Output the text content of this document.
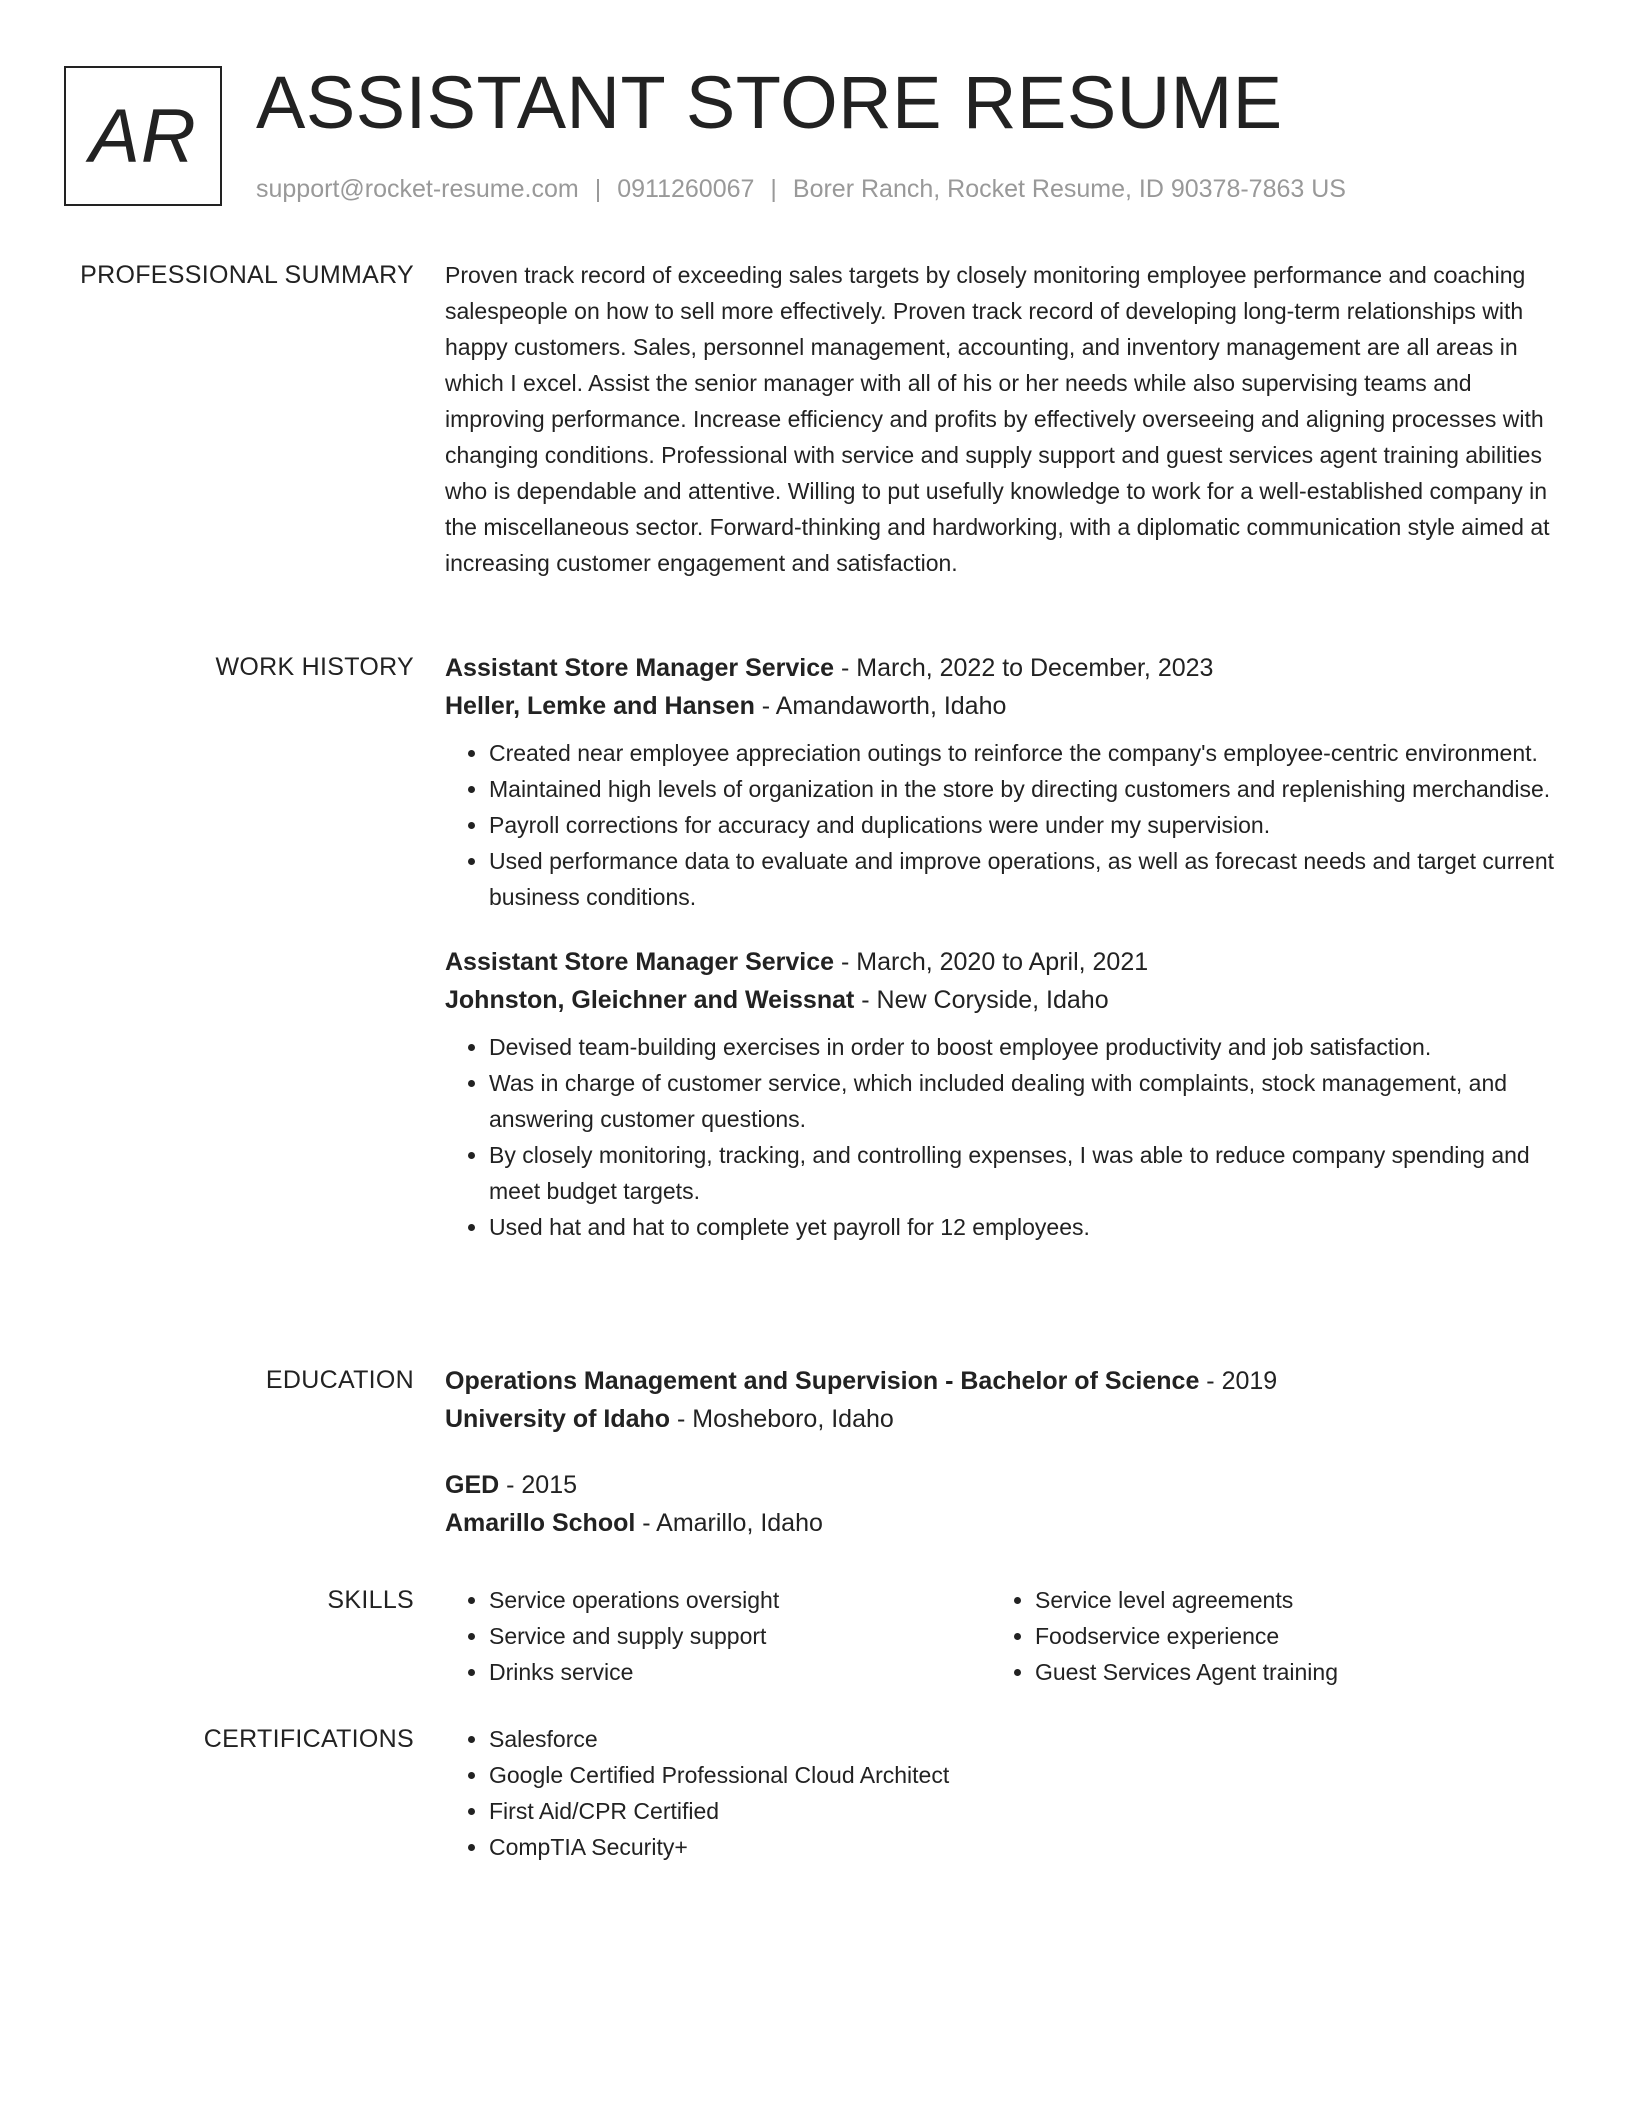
AR ASSISTANT STORE RESUME
support@rocket-resume.com | 0911260067 | Borer Ranch, Rocket Resume, ID 90378-7863 US
PROFESSIONAL SUMMARY Proven track record of exceeding sales targets by closely monitoring employee performance and coaching salespeople on how to sell more effectively. Proven track record of developing long-term relationships with happy customers. Sales, personnel management, accounting, and inventory management are all areas in which I excel. Assist the senior manager with all of his or her needs while also supervising teams and improving performance. Increase efficiency and profits by effectively overseeing and aligning processes with changing conditions. Professional with service and supply support and guest services agent training abilities who is dependable and attentive. Willing to put usefully knowledge to work for a well-established company in the miscellaneous sector. Forward-thinking and hardworking, with a diplomatic communication style aimed at increasing customer engagement and satisfaction.

WORK HISTORY Assistant Store Manager Service - March, 2022 to December, 2023
Heller, Lemke and Hansen - Amandaworth, Idaho
• Created near employee appreciation outings to reinforce the company's employee-centric environment.
• Maintained high levels of organization in the store by directing customers and replenishing merchandise.
• Payroll corrections for accuracy and duplications were under my supervision.
• Used performance data to evaluate and improve operations, as well as forecast needs and target current business conditions.
Assistant Store Manager Service - March, 2020 to April, 2021
Johnston, Gleichner and Weissnat - New Coryside, Idaho
• Devised team-building exercises in order to boost employee productivity and job satisfaction.
• Was in charge of customer service, which included dealing with complaints, stock management, and answering customer questions.
• By closely monitoring, tracking, and controlling expenses, I was able to reduce company spending and meet budget targets.
• Used hat and hat to complete yet payroll for 12 employees.
EDUCATION Operations Management and Supervision - Bachelor of Science - 2019
University of Idaho - Mosheboro, Idaho
GED - 2015
Amarillo School - Amarillo, Idaho
SKILLS	• Service operations oversight
• Service and supply support
• Drinks service
• Service level agreements
• Foodservice experience
• Guest Services Agent training
CERTIFICATIONS	• Salesforce
• Google Certified Professional Cloud Architect
• First Aid/CPR Certified
• CompTIA Security+
